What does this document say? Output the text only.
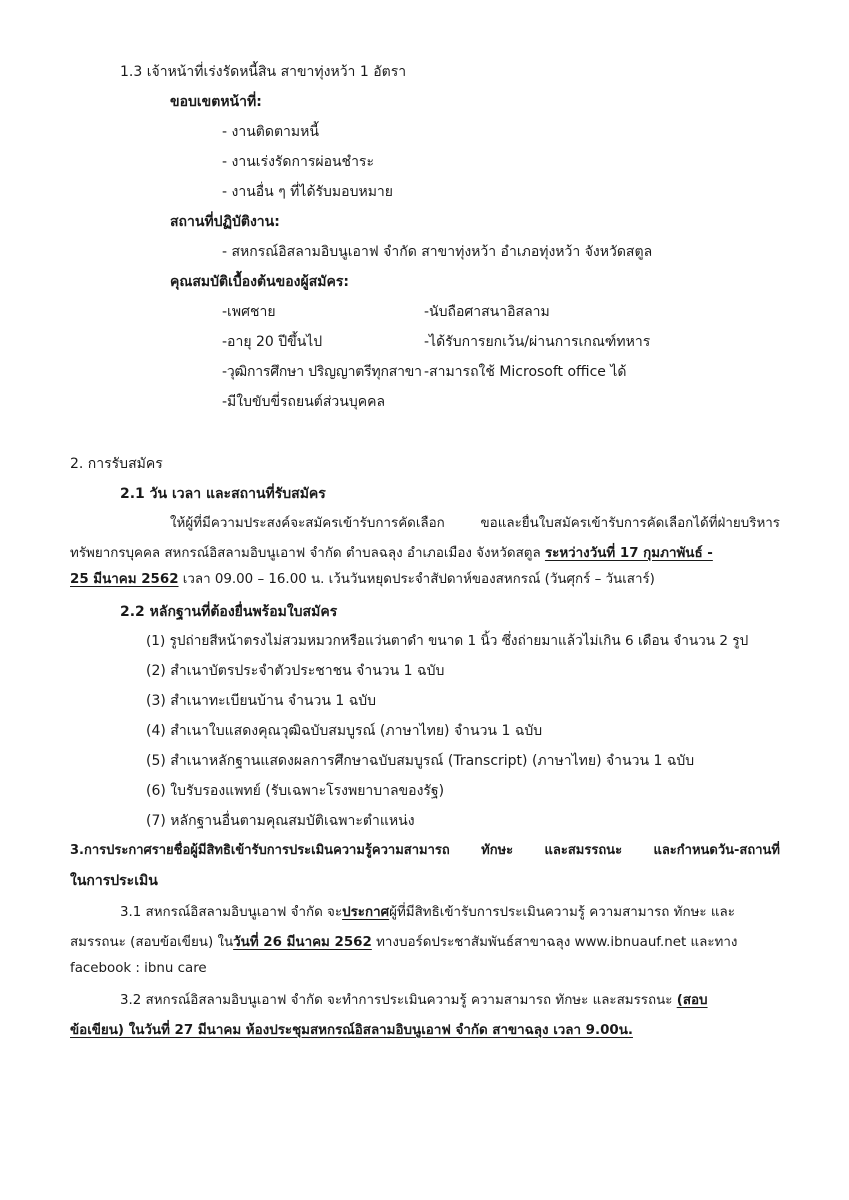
1.3 เจ้าหน้าที่เร่งรัดหนี้สิน สาขาทุ่งหว้า 1 อัตรา
ขอบเขตหน้าที่:
- งานติดตามหนี้
- งานเร่งรัดการผ่อนชำระ
- งานอื่น ๆ ที่ได้รับมอบหมาย
สถานที่ปฏิบัติงาน:
- สหกรณ์อิสลามอิบนูเอาฟ จำกัด สาขาทุ่งหว้า อำเภอทุ่งหว้า จังหวัดสตูล
คุณสมบัติเบื้องต้นของผู้สมัคร:
-เพศชาย	-นับถือศาสนาอิสลาม
-อายุ 20 ปีขึ้นไป	-ได้รับการยกเว้น/ผ่านการเกณฑ์ทหาร
-วุฒิการศึกษา ปริญญาตรีทุกสาขา -สามารถใช้ Microsoft office ได้
-มีใบขับขี่รถยนต์ส่วนบุคคล
2. การรับสมัคร
2.1 วัน เวลา และสถานที่รับสมัคร
ให้ผู้ที่มีความประสงค์จะสมัครเข้ารับการคัดเลือก ขอและยื่นใบสมัครเข้ารับการคัดเลือกได้ที่ฝ่ายบริหาร
ทรัพยากรบุคคล สหกรณ์อิสลามอิบนูเอาฟ จำกัด ตำบลฉลุง อำเภอเมือง จังหวัดสตูล ระหว่างวันที่ 17 กุมภาพันธ์ -
25 มีนาคม 2562 เวลา 09.00 – 16.00 น. เว้นวันหยุดประจำสัปดาห์ของสหกรณ์ (วันศุกร์ – วันเสาร์)
2.2 หลักฐานที่ต้องยื่นพร้อมใบสมัคร
(1) รูปถ่ายสีหน้าตรงไม่สวมหมวกหรือแว่นตาดำ ขนาด 1 นิ้ว ซึ่งถ่ายมาแล้วไม่เกิน 6 เดือน จำนวน 2 รูป
(2) สำเนาบัตรประจำตัวประชาชน จำนวน 1 ฉบับ
(3) สำเนาทะเบียนบ้าน จำนวน 1 ฉบับ
(4) สำเนาใบแสดงคุณวุฒิฉบับสมบูรณ์ (ภาษาไทย) จำนวน 1 ฉบับ
(5) สำเนาหลักฐานแสดงผลการศึกษาฉบับสมบูรณ์ (Transcript) (ภาษาไทย) จำนวน 1 ฉบับ
(6) ใบรับรองแพทย์ (รับเฉพาะโรงพยาบาลของรัฐ)
(7) หลักฐานอื่นตามคุณสมบัติเฉพาะตำแหน่ง
3.การประกาศรายชื่อผู้มีสิทธิเข้ารับการประเมินความรู้ความสามารถ ทักษะ และสมรรถนะ และกำหนดวัน-สถานที่
ในการประเมิน
3.1 สหกรณ์อิสลามอิบนูเอาฟ จำกัด จะประกาศผู้ที่มีสิทธิเข้ารับการประเมินความรู้ ความสามารถ ทักษะ และ
สมรรถนะ (สอบข้อเขียน) ในวันที่ 26 มีนาคม 2562 ทางบอร์ดประชาสัมพันธ์สาขาฉลุง www.ibnuauf.net และทาง
facebook : ibnu care
3.2 สหกรณ์อิสลามอิบนูเอาฟ จำกัด จะทำการประเมินความรู้ ความสามารถ ทักษะ และสมรรถนะ (สอบ
ข้อเขียน) ในวันที่ 27 มีนาคม ห้องประชุมสหกรณ์อิสลามอิบนูเอาฟ จำกัด สาขาฉลุง เวลา 9.00น.
